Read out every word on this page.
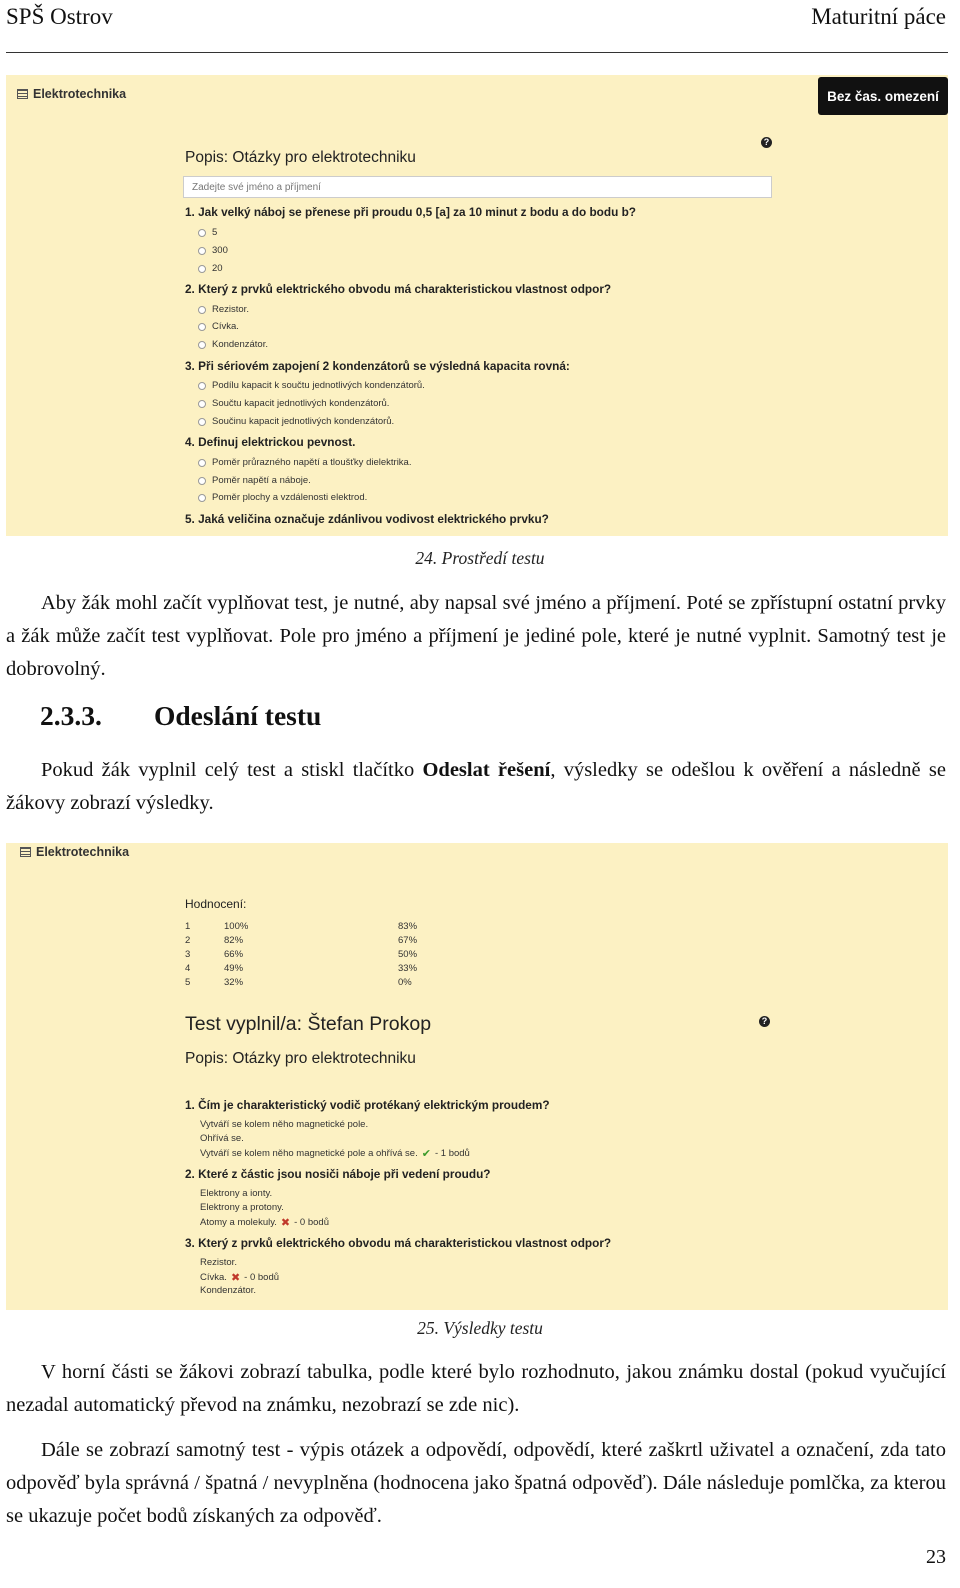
SPŠ Ostrov	Maturitní páce
Elektrotechnika	Bez čas. omezení
?
Popis: Otázky pro elektrotechniku
Zadejte své jméno a příjmení
1. Jak velký náboj se přenese při proudu 0,5 [a] za 10 minut z bodu a do bodu b?
5
300
20
2. Který z prvků elektrického obvodu má charakteristickou vlastnost odpor?
Rezistor.
Cívka.
Kondenzátor.
3. Při sériovém zapojení 2 kondenzátorů se výsledná kapacita rovná:
Podílu kapacit k součtu jednotlivých kondenzátorů.
Součtu kapacit jednotlivých kondenzátorů.
Součinu kapacit jednotlivých kondenzátorů.
4. Definuj elektrickou pevnost.
Poměr průrazného napětí a tloušťky dielektrika.
Poměr napětí a náboje.
Poměr plochy a vzdálenosti elektrod.
5. Jaká veličina označuje zdánlivou vodivost elektrického prvku?
24. Prostředí testu
Aby žák mohl začít vyplňovat test, je nutné, aby napsal své jméno a příjmení. Poté se zpřístupní ostatní prvky a žák může začít test vyplňovat. Pole pro jméno a příjmení je jediné pole, které je nutné vyplnit. Samotný test je dobrovolný.
2.3.3. Odeslání testu
Pokud žák vyplnil celý test a stiskl tlačítko Odeslat řešení, výsledky se odešlou k ověření a následně se žákovy zobrazí výsledky.
Elektrotechnika
Hodnocení:
1	100%	83%
2	82%	67%
3	66%	50%
4	49%	33%
5	32%	0%
?
Test vyplnil/a: Štefan Prokop
Popis: Otázky pro elektrotechniku
1. Čím je charakteristický vodič protékaný elektrickým proudem?
Vytváří se kolem něho magnetické pole.
Ohřívá se.
Vytváří se kolem něho magnetické pole a ohřívá se. ✔ - 1 bodů
2. Které z částic jsou nosiči náboje při vedení proudu?
Elektrony a ionty.
Elektrony a protony.
Atomy a molekuly. ✖ - 0 bodů
3. Který z prvků elektrického obvodu má charakteristickou vlastnost odpor?
Rezistor.
Cívka. ✖ - 0 bodů
Kondenzátor.
25. Výsledky testu
V horní části se žákovi zobrazí tabulka, podle které bylo rozhodnuto, jakou známku dostal (pokud vyučující nezadal automatický převod na známku, nezobrazí se zde nic).
Dále se zobrazí samotný test - výpis otázek a odpovědí, odpovědí, které zaškrtl uživatel a označení, zda tato odpověď byla správná / špatná / nevyplněna (hodnocena jako špatná odpověď). Dále následuje pomlčka, za kterou se ukazuje počet bodů získaných za odpověď.
23
